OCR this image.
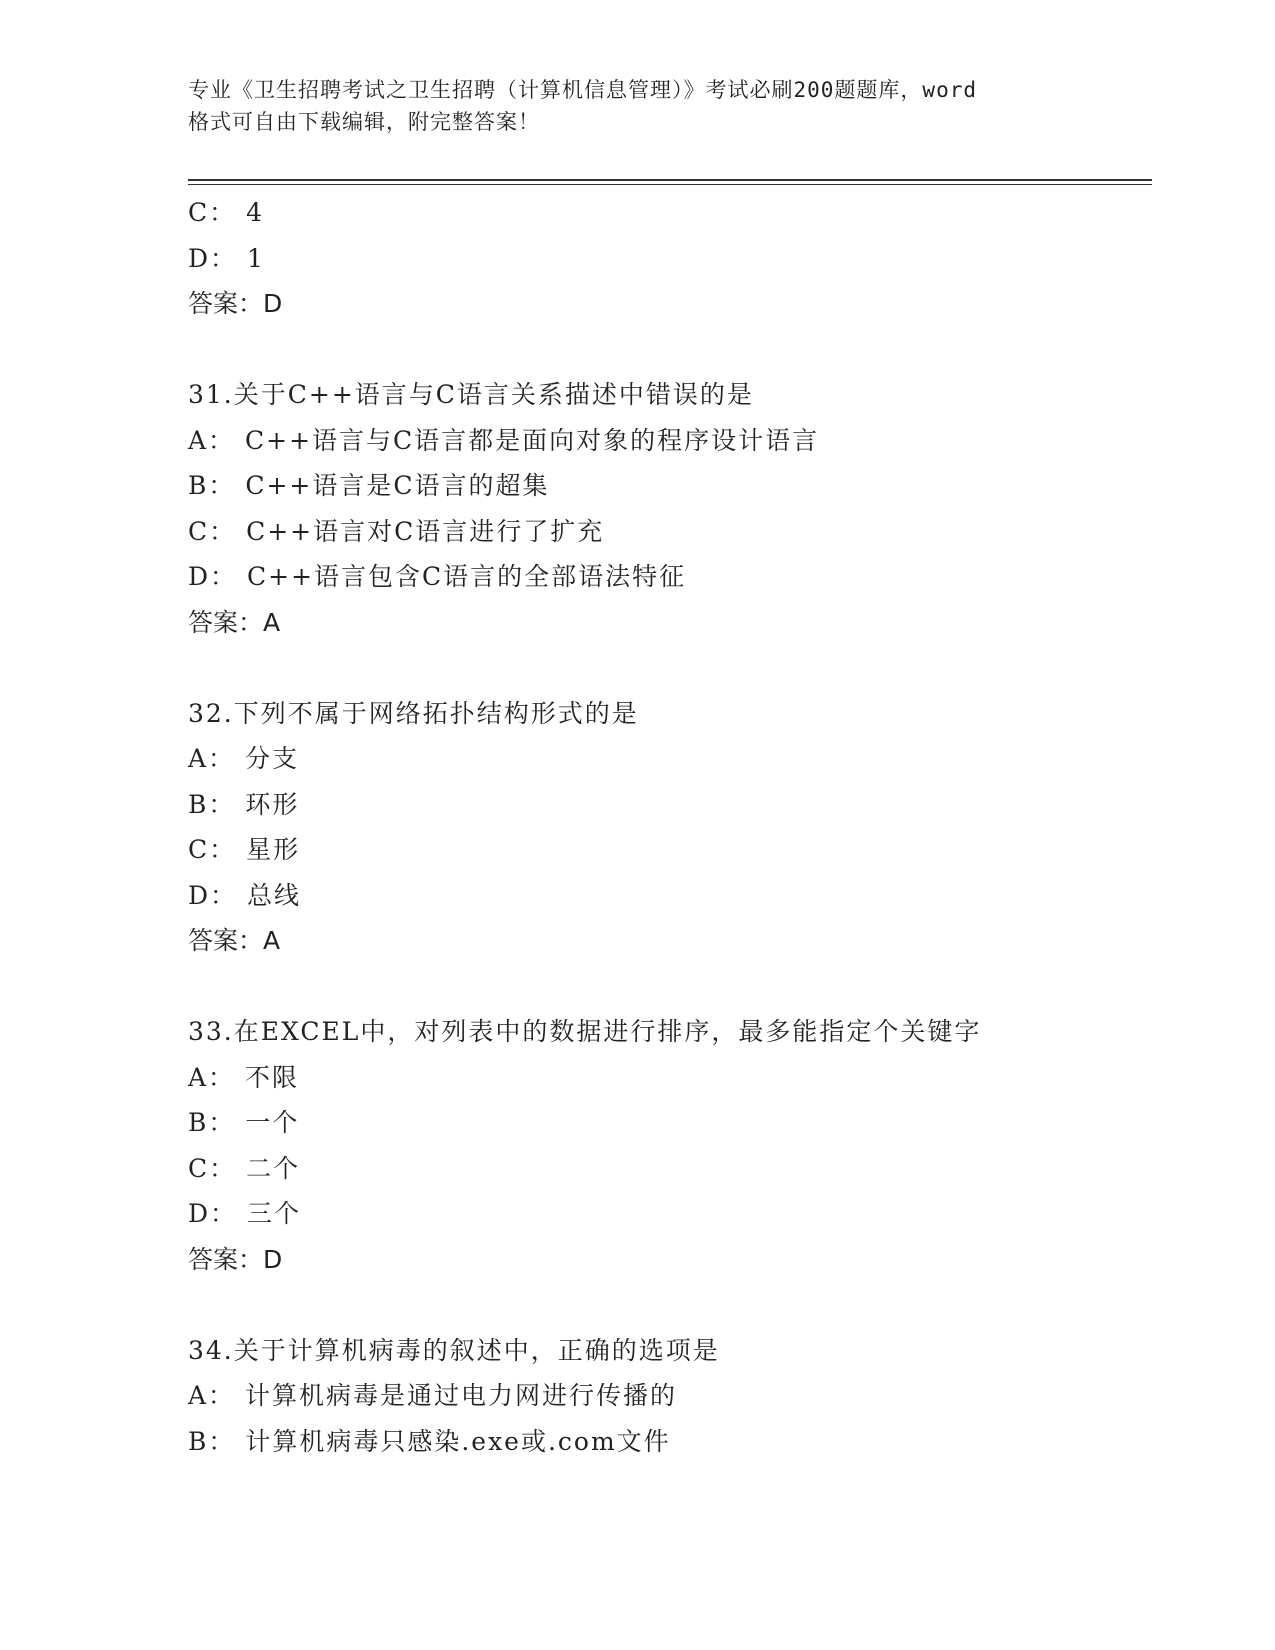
专业《卫生招聘考试之卫生招聘（计算机信息管理）》考试必刷200题题库，word
格式可自由下载编辑，附完整答案！
C： 4
D： 1
答案：D
31.关于C++语言与C语言关系描述中错误的是
A： C++语言与C语言都是面向对象的程序设计语言
B： C++语言是C语言的超集
C： C++语言对C语言进行了扩充
D： C++语言包含C语言的全部语法特征
答案：A
32.下列不属于网络拓扑结构形式的是
A： 分支
B： 环形
C： 星形
D： 总线
答案：A
33.在EXCEL中，对列表中的数据进行排序，最多能指定个关键字
A： 不限
B： 一个
C： 二个
D： 三个
答案：D
34.关于计算机病毒的叙述中，正确的选项是
A： 计算机病毒是通过电力网进行传播的
B： 计算机病毒只感染.exe或.com文件
